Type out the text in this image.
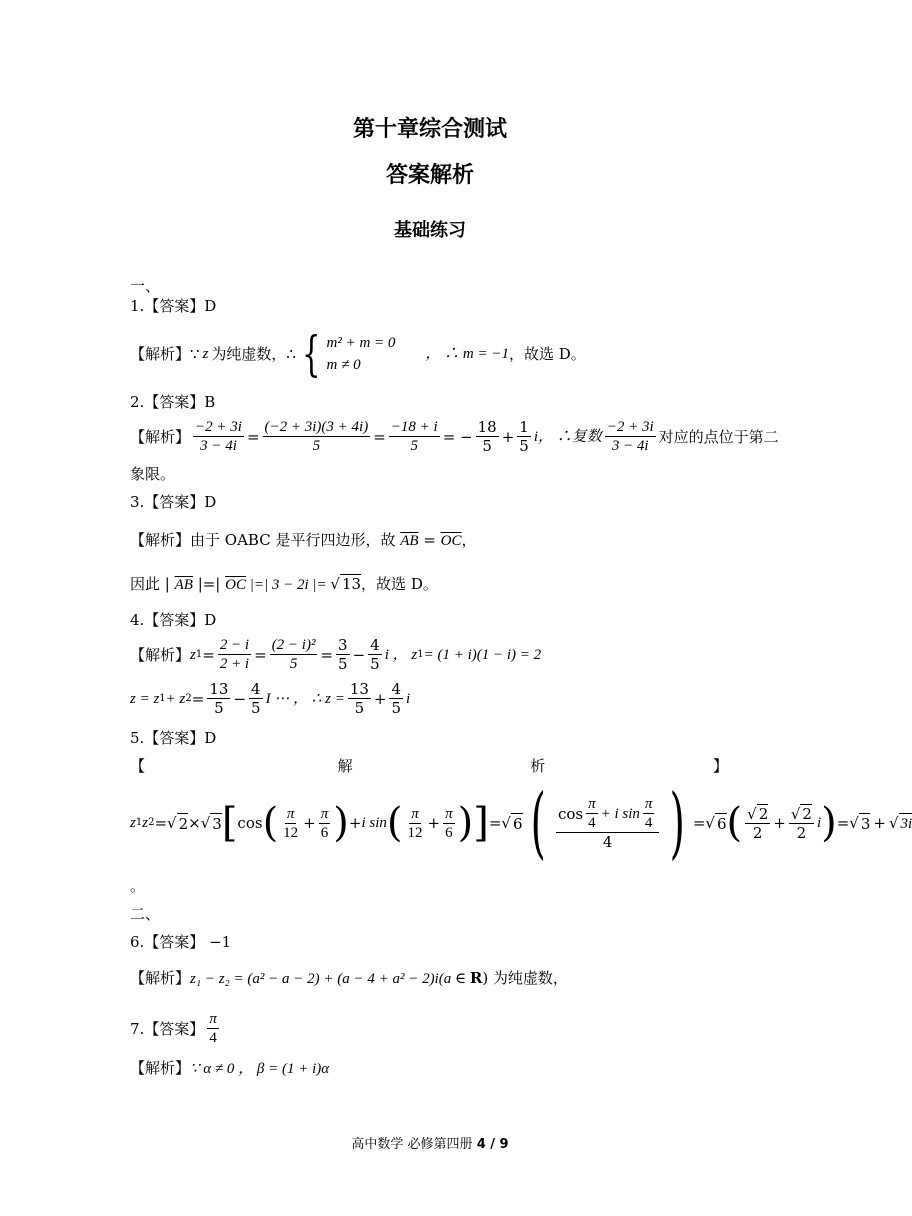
第十章综合测试
答案解析
基础练习
一、
1.【答案】D
【解析】 ∵ z 为纯虚数， ∴ { m² + m = 0
m ≠ 0
， ∴ m = −1 ，故选 D。
2.【答案】B
【解析】 $\frac{-2 + 3i}{3 - 4i} = \frac{(-2 + 3i)(3 + 4i)}{5} = \frac{-18 + i}{5}$ = − $\frac{18}{5} + \frac{1}{5}$ i， ∴复数 $\frac{-2 + 3i}{3 - 4i}$ 对应的点位于第二
象限。
3.【答案】D
【解析】由于 OABC 是平行四边形，故 $\overline{AB} = \overline{OC}$，
因此 | $\overline{AB}$ |=| $\overline{OC}$ |=| 3 − 2i |= √ 13，故选 D。
4.【答案】D
【解析】 z $1 = \frac{2 - i}{2 + i} = \frac{\text{(2 − i)²}}{5} = \frac{3}{5} - \frac{4}{5}$ i ， z 1 = (1 + i)(1 − i) = 2
z = z 1 + z $2 = \frac{13}{5} - \frac{4}{5}$ I ⋯ ， ∴ $z = \frac{13}{5} + \frac{4}{5}$ i
5.【答案】D
【	解	析	】
z 1 z 2 = √ 2 × √ 3 [ cos ( $\frac{\pi}{12} + \frac{\pi}{6}$ ) + i sin ( $\frac{\pi}{12} + \frac{\pi}{6}$ ) ] = √ 6 ( $\frac{\cos \frac{\pi}{4} + i \sin \frac{\pi}{4}}{4}$ ) = √ 6 ( $\frac{√ 2}{2} + \frac{√ 2}{2}$ i ) = √ 3 + √ 3i
。
二、
6.【答案】 −1
【解析】z₁ − z₂ = (a² − a − 2) + (a − 4 + a² − 2)i(a ∈ R) 为纯虚数，
7.【答案】 $\frac{\pi}{4}$
【解析】∵ α ≠ 0 ， β = (1 + i)α
高中数学 必修第四册 4 / 9
